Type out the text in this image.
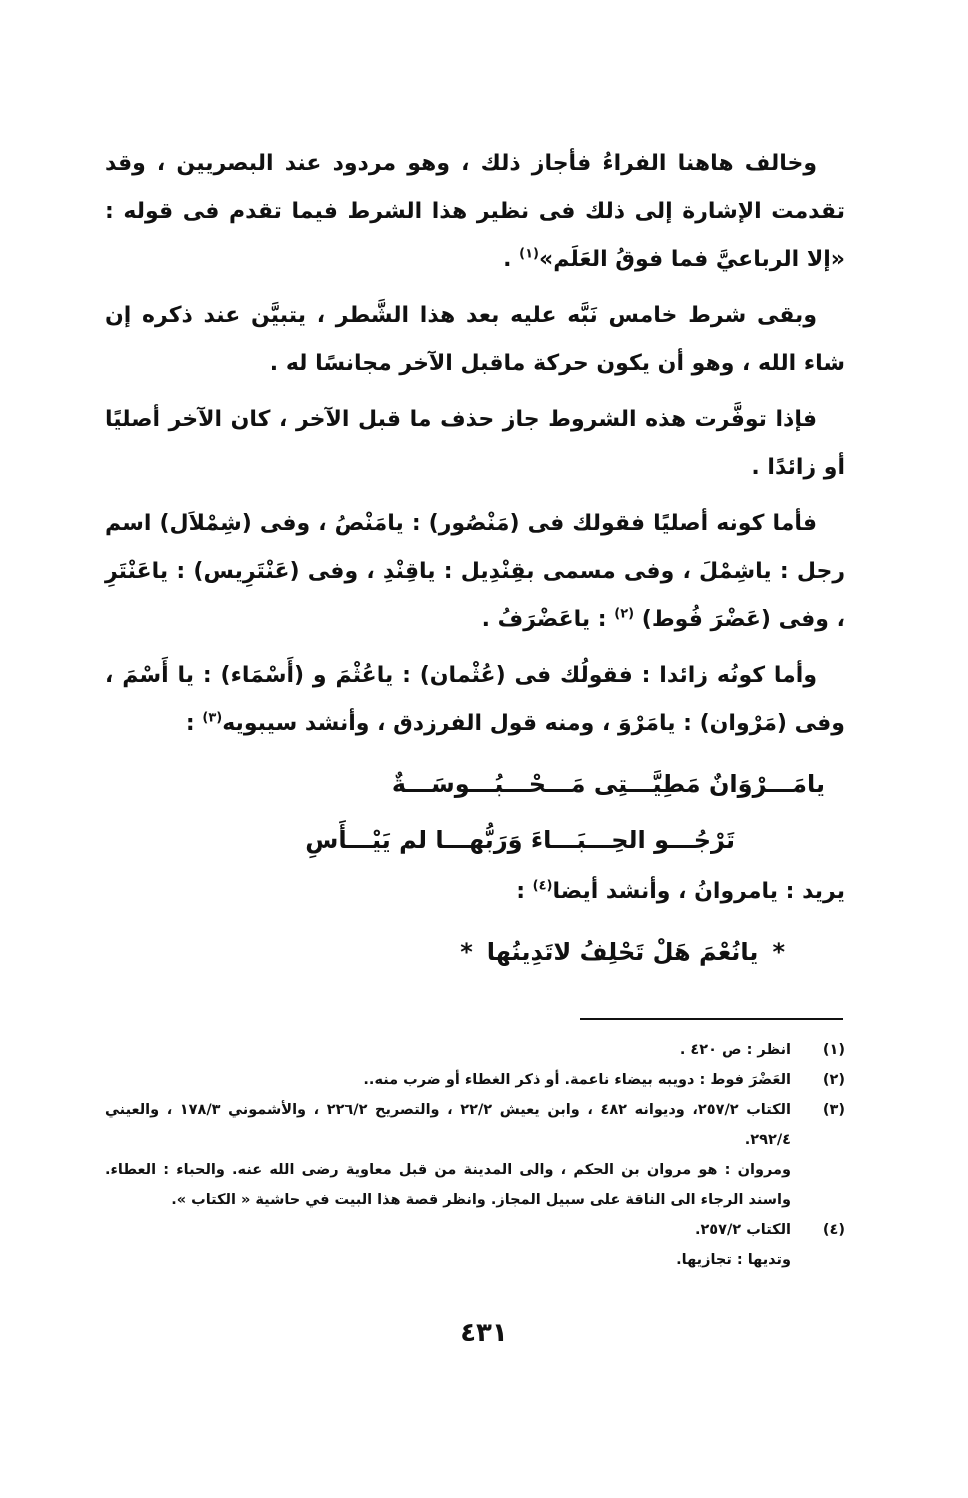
وخالف هاهنا الفراءُ فأجاز ذلك ، وهو مردود عند البصريين ، وقد تقدمت الإشارة إلى ذلك فى نظير هذا الشرط فيما تقدم فى قوله : «إلا الرباعيَّ فما فوقُ العَلَم»$^{(١)}$ .

وبقى شرط خامس نَبَّه عليه بعد هذا الشَّطر ، يتبيَّن عند ذكره إن شاء الله ، وهو أن يكون حركة ماقبل الآخر مجانسًا له .

فإذا توفَّرت هذه الشروط جاز حذف ما قبل الآخر ، كان الآخر أصليًا أو زائدًا .

فأما كونه أصليًا فقولك فى (مَنْصُور) : يامَنْصُ ، وفى (شِمْلاَل) اسم رجل : ياشِمْلَ ، وفى مسمى بقِنْدِيل : ياقِنْدِ ، وفى (عَنْتَرِيس) : ياعَنْتَرِ ، وفى (عَضْرَ فُوط) $^{(٢)}$ : ياعَضْرَفُ .

وأما كونُه زائدا : فقولُك فى (عُثْمان) : ياعُثْمَ و (أَسْمَاء) : يا أَسْمَ ، وفى (مَرْوان) : يامَرْوَ ، ومنه قول الفرزدق ، وأنشد سيبويه$^{(٣)}$ :

يامَـــرْوَانٌ مَطِيَّـــتِى مَـــحْـــبُـــوسَـــةٌ
تَرْجُـــو الحِـــبَـــاءَ وَرَبُّهـــا لم يَيْـــأَسِ

يريد : يامروانُ ، وأنشد أيضا$^{(٤)}$ :

*يانُعْمَ هَلْ تَحْلِفُ لاتَدِينُها*
(١)
انظر : ص ٤٢٠ .
(٢)
العَضْرَ فوط : دويبه بيضاء ناعمة. أو ذكر الغطاء أو ضرب منه..
(٣)
الكتاب ٢٥٧/٢، وديوانه ٤٨٢ ، وابن يعيش ٢٢/٢ ، والتصريح ٢٢٦/٢ ، والأشموني ١٧٨/٣ ، والعيني ٢٩٢/٤.
ومروان : هو مروان بن الحكم ، والى المدينة من قبل معاوية رضى الله عنه. والحباء : العطاء. واسند الرجاء الى الناقة على سبيل المجاز. وانظر قصة هذا البيت في حاشية « الكتاب ».
(٤)
الكتاب ٢٥٧/٢.
وتديها : تجازيها.
٤٣١
